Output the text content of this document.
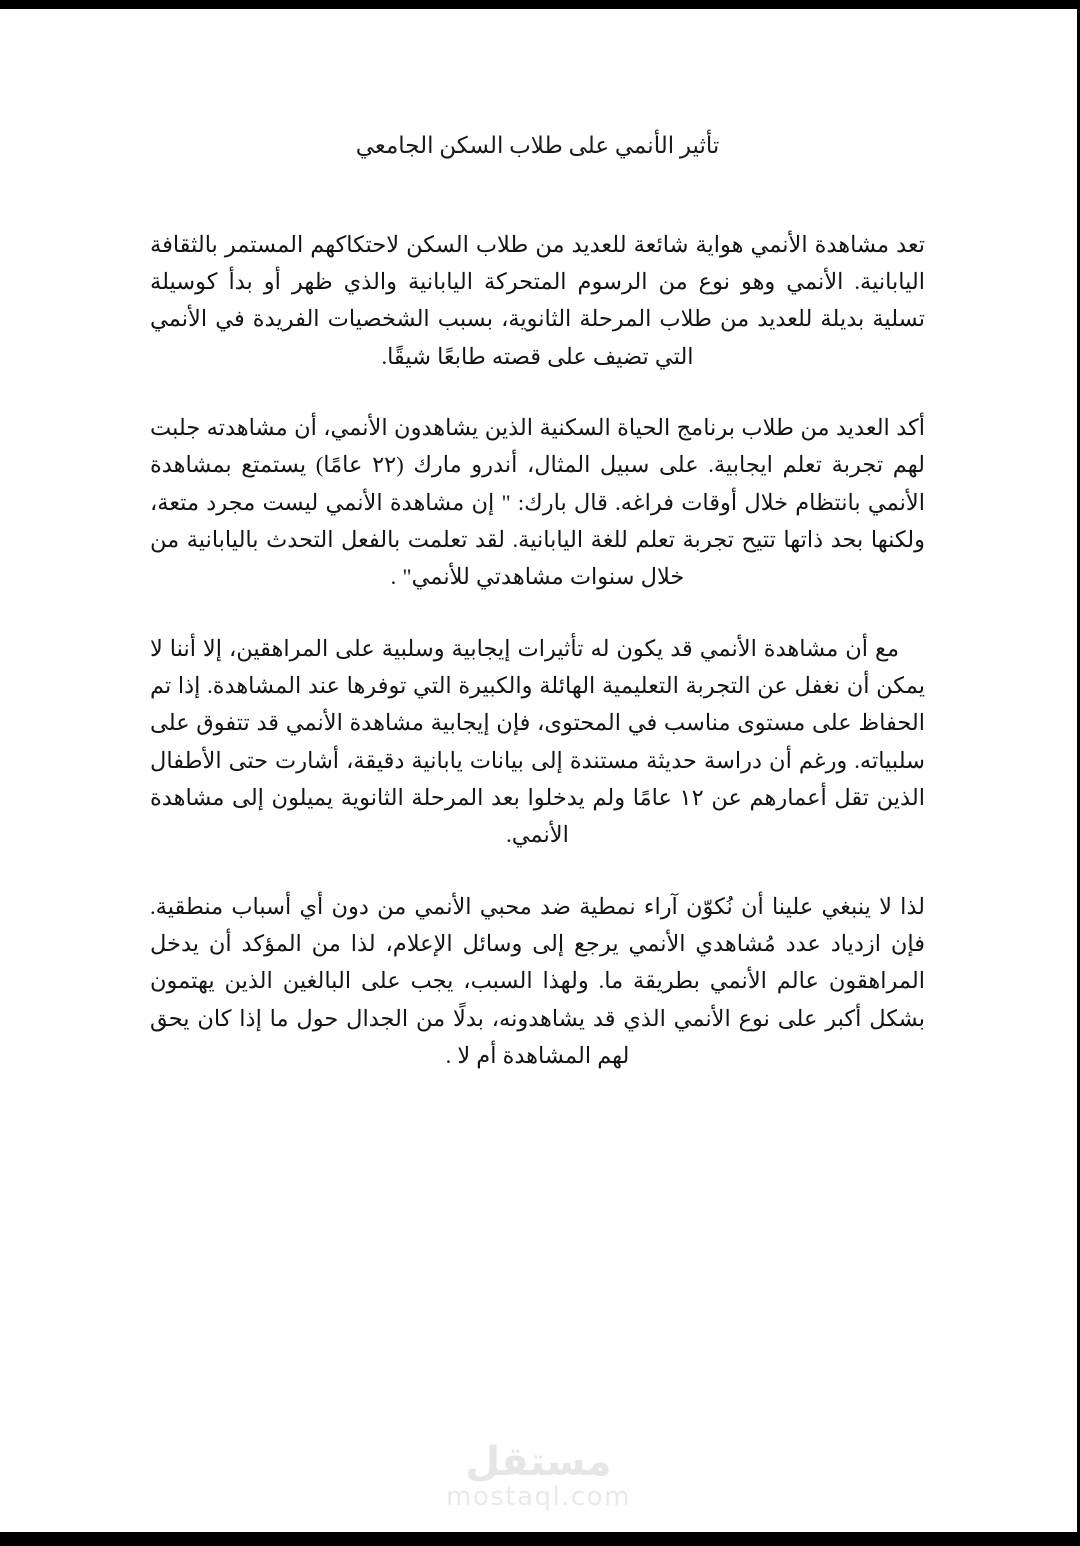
تأثير الأنمي على طلاب السكن الجامعي

تعد مشاهدة الأنمي هواية شائعة للعديد من طلاب السكن لاحتكاكهم المستمر بالثقافة اليابانية. الأنمي وهو نوع من الرسوم المتحركة اليابانية والذي ظهر أو بدأ كوسيلة تسلية بديلة للعديد من طلاب المرحلة الثانوية، بسبب الشخصيات الفريدة في الأنمي التي تضيف على قصته طابعًا شيقًا.

أكد العديد من طلاب برنامج الحياة السكنية الذين يشاهدون الأنمي، أن مشاهدته جلبت لهم تجربة تعلم ايجابية. على سبيل المثال، أندرو مارك (٢٢ عامًا) يستمتع بمشاهدة الأنمي بانتظام خلال أوقات فراغه. قال بارك: " إن مشاهدة الأنمي ليست مجرد متعة، ولكنها بحد ذاتها تتيح تجربة تعلم للغة اليابانية. لقد تعلمت بالفعل التحدث باليابانية من خلال سنوات مشاهدتي للأنمي" .

مع أن مشاهدة الأنمي قد يكون له تأثيرات إيجابية وسلبية على المراهقين، إلا أننا لا يمكن أن نغفل عن التجربة التعليمية الهائلة والكبيرة التي توفرها عند المشاهدة. إذا تم الحفاظ على مستوى مناسب في المحتوى، فإن إيجابية مشاهدة الأنمي قد تتفوق على سلبياته. ورغم أن دراسة حديثة مستندة إلى بيانات يابانية دقيقة، أشارت حتى الأطفال الذين تقل أعمارهم عن ١٢ عامًا ولم يدخلوا بعد المرحلة الثانوية يميلون إلى مشاهدة الأنمي.

لذا لا ينبغي علينا أن نُكوّن آراء نمطية ضد محبي الأنمي من دون أي أسباب منطقية. فإن ازدياد عدد مُشاهدي الأنمي يرجع إلى وسائل الإعلام، لذا من المؤكد أن يدخل المراهقون عالم الأنمي بطريقة ما. ولهذا السبب، يجب على البالغين الذين يهتمون بشكل أكبر على نوع الأنمي الذي قد يشاهدونه، بدلًا من الجدال حول ما إذا كان يحق لهم المشاهدة أم لا .

مستقل
mostaql.com
